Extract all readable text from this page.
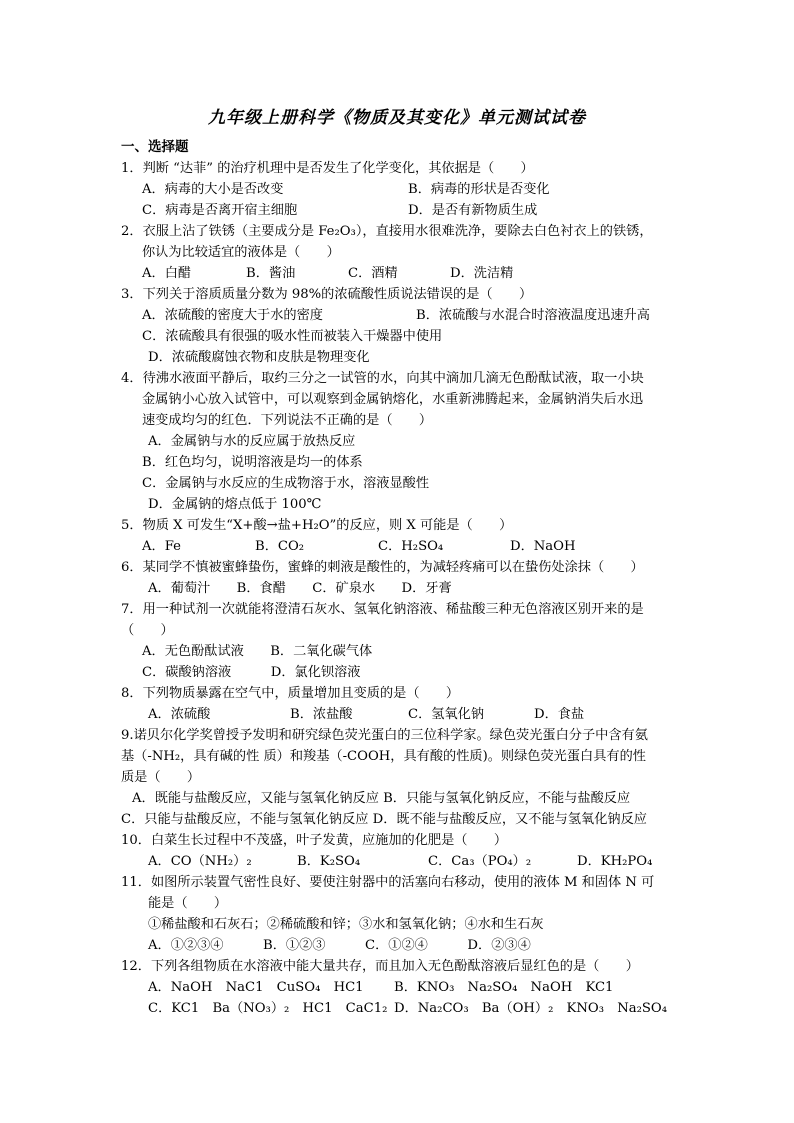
九年级上册科学《物质及其变化》单元测试试卷
一、选择题
1．判断 “达菲” 的治疗机理中是否发生了化学变化，其依据是（　　）
A．病毒的大小是否改变	B．病毒的形状是否变化
C．病毒是否离开宿主细胞	D．是否有新物质生成
2．衣服上沾了铁锈（主要成分是 Fe₂O₃），直接用水很难洗净，要除去白色衬衣上的铁锈，
你认为比较适宜的液体是（　　）
A．白醋	B．酱油	C．酒精	D．洗洁精
3．下列关于溶质质量分数为 98%的浓硫酸性质说法错误的是（　　）
A．浓硫酸的密度大于水的密度	B．浓硫酸与水混合时溶液温度迅速升高
C．浓硫酸具有很强的吸水性而被装入干燥器中使用
D．浓硫酸腐蚀衣物和皮肤是物理变化
4．待沸水液面平静后，取约三分之一试管的水，向其中滴加几滴无色酚酞试液，取一小块
金属钠小心放入试管中，可以观察到金属钠熔化，水重新沸腾起来，金属钠消失后水迅
速变成均匀的红色．下列说法不正确的是（　　）
A．金属钠与水的反应属于放热反应
B．红色均匀，说明溶液是均一的体系
C．金属钠与水反应的生成物溶于水，溶液显酸性
D．金属钠的熔点低于 100℃
5．物质 X 可发生“X+酸→盐+H₂O”的反应，则 X 可能是（　　）
A．Fe	B．CO₂	C．H₂SO₄	D．NaOH
6．某同学不慎被蜜蜂蛰伤，蜜蜂的刺液是酸性的，为减轻疼痛可以在蛰伤处涂抹（　　）
A．葡萄汁　　B．食醋　　C．矿泉水　　D．牙膏
7．用一种试剂一次就能将澄清石灰水、氢氧化钠溶液、稀盐酸三种无色溶液区别开来的是
（　　）
A．无色酚酞试液　　B．二氧化碳气体
C．碳酸钠溶液　　　D．氯化钡溶液
8．下列物质暴露在空气中，质量增加且变质的是（　　）
A．浓硫酸	B．浓盐酸	C．氢氧化钠	D．食盐
9.诺贝尔化学奖曾授予发明和研究绿色荧光蛋白的三位科学家。绿色荧光蛋白分子中含有氨
基（-NH₂，具有碱的性 质）和羧基（-COOH，具有酸的性质)。则绿色荧光蛋白具有的性
质是（　　）
A．既能与盐酸反应，又能与氢氧化钠反应 B．只能与氢氧化钠反应，不能与盐酸反应
C．只能与盐酸反应，不能与氢氧化钠反应 D．既不能与盐酸反应，又不能与氢氧化钠反应
10．白菜生长过程中不茂盛，叶子发黄，应施加的化肥是（　　）
A．CO（NH₂）₂	B．K₂SO₄	C．Ca₃（PO₄）₂	D．KH₂PO₄
11．如图所示装置气密性良好、要使注射器中的活塞向右移动，使用的液体 M 和固体 N 可
能是（　　）
①稀盐酸和石灰石；②稀硫酸和锌；③水和氢氧化钠；④水和生石灰
A．①②③④　　　B．①②③　　　C．①②④　　　D．②③④
12．下列各组物质在水溶液中能大量共存，而且加入无色酚酞溶液后显红色的是（　　）
A．NaOH　NaC1　CuSO₄　HC1 B．KNO₃　Na₂SO₄　NaOH　KC1
C．KC1　Ba（NO₃）₂　HC1　CaC1₂ D．Na₂CO₃　Ba（OH）₂　KNO₃　Na₂SO₄
